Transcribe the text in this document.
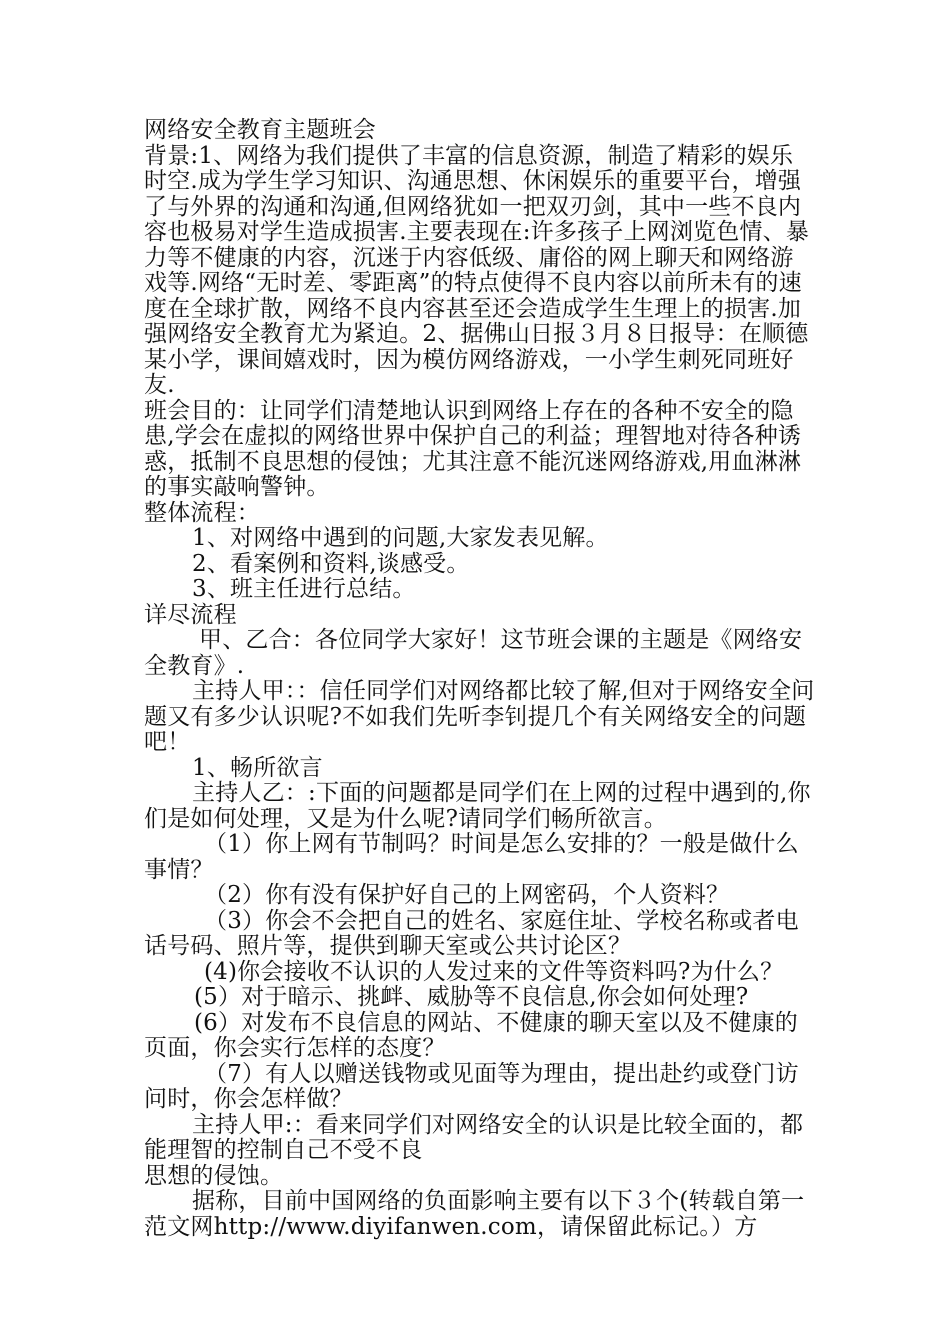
网络安全教育主题班会

背景:1、网络为我们提供了丰富的信息资源，制造了精彩的娱乐时空.成为学生学习知识、沟通思想、休闲娱乐的重要平台，增强了与外界的沟通和沟通,但网络犹如一把双刃剑，其中一些不良内容也极易对学生造成损害.主要表现在:许多孩子上网浏览色情、暴力等不健康的内容，沉迷于内容低级、庸俗的网上聊天和网络游戏等.网络“无时差、零距离”的特点使得不良内容以前所未有的速度在全球扩散，网络不良内容甚至还会造成学生生理上的损害.加强网络安全教育尤为紧迫。2、据佛山日报３月８日报导：在顺德某小学，课间嬉戏时，因为模仿网络游戏，一小学生刺死同班好友.

班会目的：让同学们清楚地认识到网络上存在的各种不安全的隐患,学会在虚拟的网络世界中保护自己的利益；理智地对待各种诱惑，抵制不良思想的侵蚀；尤其注意不能沉迷网络游戏,用血淋淋的事实敲响警钟。

整体流程：

1、对网络中遇到的问题,大家发表见解。

2、看案例和资料,谈感受。

3、班主任进行总结。

详尽流程

甲、乙合：各位同学大家好！这节班会课的主题是《网络安全教育》.

主持人甲：：信任同学们对网络都比较了解,但对于网络安全问题又有多少认识呢?不如我们先听李钊提几个有关网络安全的问题吧！

1、畅所欲言

主持人乙：:下面的问题都是同学们在上网的过程中遇到的,你们是如何处理，又是为什么呢?请同学们畅所欲言。

（1）你上网有节制吗？时间是怎么安排的？一般是做什么事情？

（2）你有没有保护好自己的上网密码，个人资料？

（3）你会不会把自己的姓名、家庭住址、学校名称或者电话号码、照片等，提供到聊天室或公共讨论区？

(4)你会接收不认识的人发过来的文件等资料吗?为什么？

(5）对于暗示、挑衅、威胁等不良信息,你会如何处理?

(6）对发布不良信息的网站、不健康的聊天室以及不健康的页面，你会实行怎样的态度？

（7）有人以赠送钱物或见面等为理由，提出赴约或登门访问时，你会怎样做？

主持人甲:：看来同学们对网络安全的认识是比较全面的，都能理智的控制自己不受不良

思想的侵蚀。

据称，目前中国网络的负面影响主要有以下３个(转载自第一范文网http://www.diyifanwen.com，请保留此标记。）方
